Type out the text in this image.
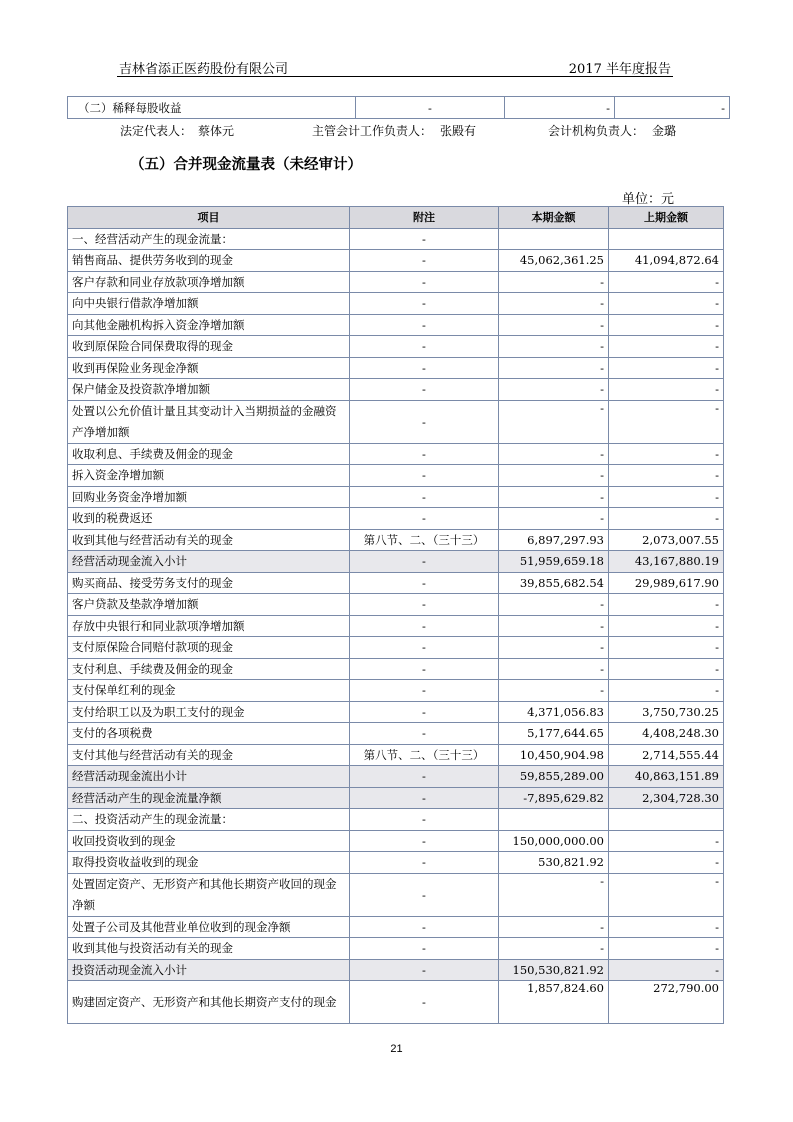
吉林省添正医药股份有限公司	2017 半年度报告
（二）稀释每股收益	-	-	-
法定代表人： 蔡体元	主管会计工作负责人： 张殿有	会计机构负责人： 金璐
（五）合并现金流量表（未经审计）
单位：元
项目	附注	本期金额	上期金额
一、经营活动产生的现金流量：	-		
销售商品、提供劳务收到的现金	-	45,062,361.25	41,094,872.64
客户存款和同业存放款项净增加额	-	-	-
向中央银行借款净增加额	-	-	-
向其他金融机构拆入资金净增加额	-	-	-
收到原保险合同保费取得的现金	-	-	-
收到再保险业务现金净额	-	-	-
保户储金及投资款净增加额	-	-	-
处置以公允价值计量且其变动计入当期损益的金融资产净增加额	-	-	-
收取利息、手续费及佣金的现金	-	-	-
拆入资金净增加额	-	-	-
回购业务资金净增加额	-	-	-
收到的税费返还	-	-	-
收到其他与经营活动有关的现金	第八节、二、（三十三）	6,897,297.93	2,073,007.55
经营活动现金流入小计	-	51,959,659.18	43,167,880.19
购买商品、接受劳务支付的现金	-	39,855,682.54	29,989,617.90
客户贷款及垫款净增加额	-	-	-
存放中央银行和同业款项净增加额	-	-	-
支付原保险合同赔付款项的现金	-	-	-
支付利息、手续费及佣金的现金	-	-	-
支付保单红利的现金	-	-	-
支付给职工以及为职工支付的现金	-	4,371,056.83	3,750,730.25
支付的各项税费	-	5,177,644.65	4,408,248.30
支付其他与经营活动有关的现金	第八节、二、（三十三）	10,450,904.98	2,714,555.44
经营活动现金流出小计	-	59,855,289.00	40,863,151.89
经营活动产生的现金流量净额	-	-7,895,629.82	2,304,728.30
二、投资活动产生的现金流量：	-		
收回投资收到的现金	-	150,000,000.00	-
取得投资收益收到的现金	-	530,821.92	-
处置固定资产、无形资产和其他长期资产收回的现金净额	-	-	-
处置子公司及其他营业单位收到的现金净额	-	-	-
收到其他与投资活动有关的现金	-	-	-
投资活动现金流入小计	-	150,530,821.92	-
购建固定资产、无形资产和其他长期资产支付的现金	-	1,857,824.60	272,790.00
21
